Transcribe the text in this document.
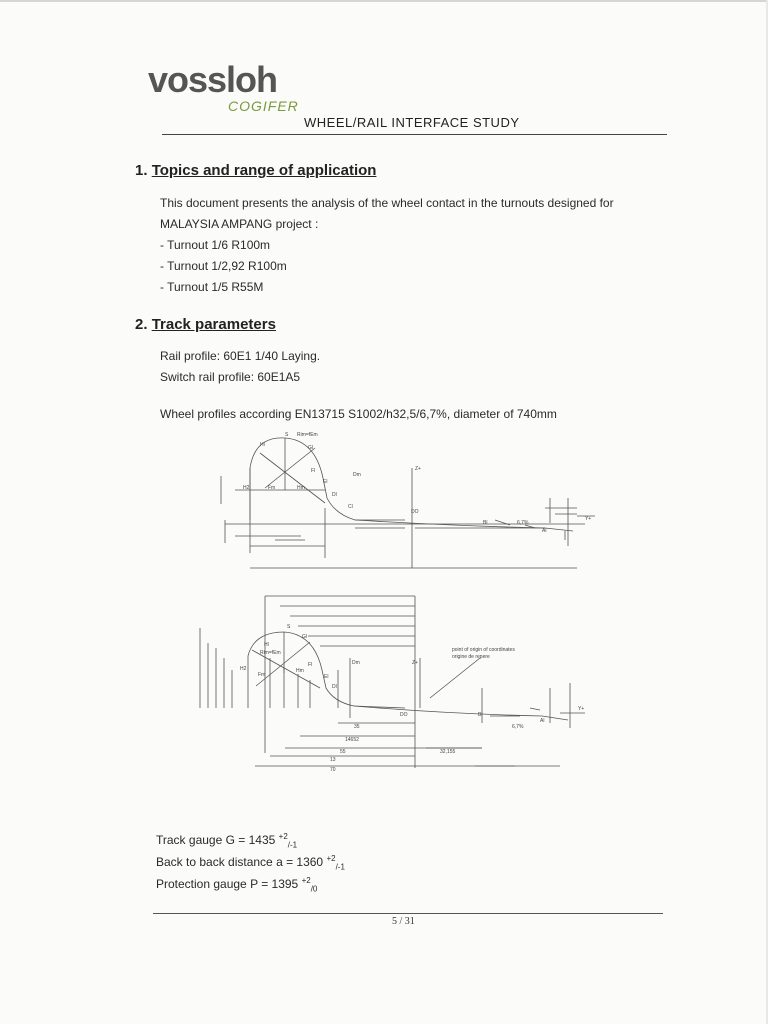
vossloh
COGIFER
WHEEL/RAIL INTERFACE STUDY
1. Topics and range of application
This document presents the analysis of the wheel contact in the turnouts designed for
MALAYSIA AMPANG project :
- Turnout 1/6 R100m
- Turnout 1/2,92 R100m
- Turnout 1/5 R55M
2. Track parameters
Rail profile: 60E1 1/40 Laying.
Switch rail profile: 60E1A5
Wheel profiles according EN13715 S1002/h32,5/6,7%, diameter of 740mm
S Rim=fEm
Gl
Hl
Fl
Dm
Z+
H2	Fm	Hm
El
Dl
Cl
DO
Bl
Al
6,7%
Y+
S
Gl
Hl
Rim=fEm
Fl
H2
Fm
Hm
Dm
El
Dl
Z+
DO	Bl
Al
6,7%
Y+
point of origin of coordinates
origine de repere
35
14652
55	32,155
13
70
Track gauge G = 1435 $^{+2}_{/-1}$
Back to back distance a = 1360 $^{+2}_{/-1}$
Protection gauge P = 1395 $^{+2}_{/0}$
5 / 31
